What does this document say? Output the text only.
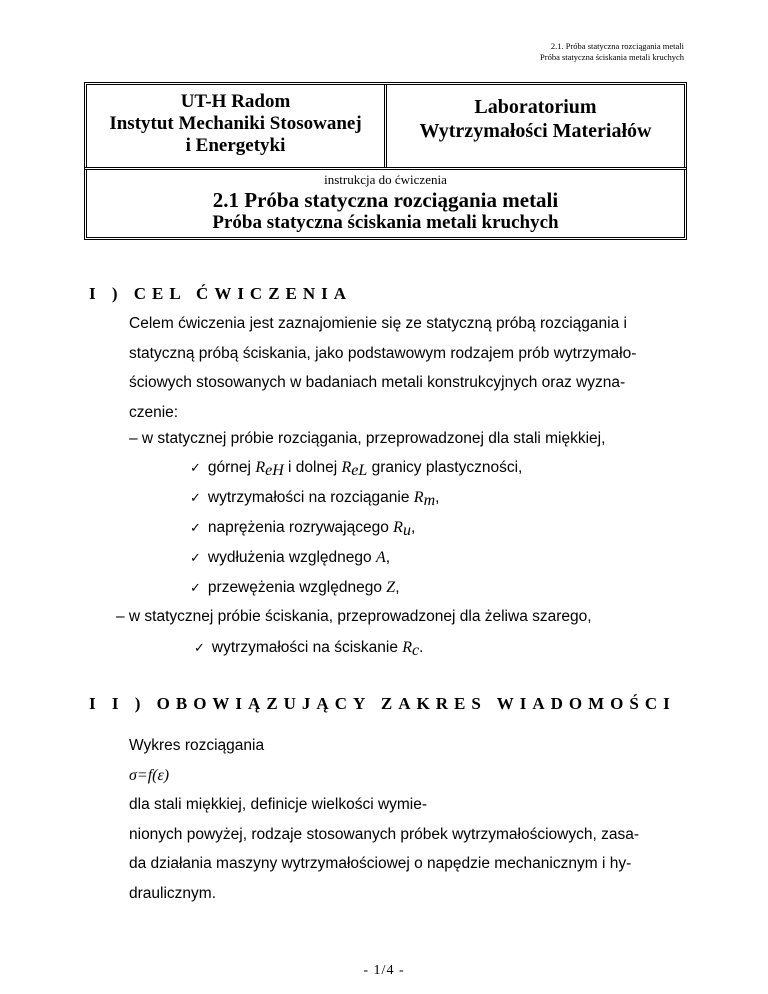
2.1. Próba statyczna rozciągania metali
Próba statyczna ściskania metali kruchych
UT-H Radom
Instytut Mechaniki Stosowanej
i Energetyki
Laboratorium
Wytrzymałości Materiałów
instrukcja do ćwiczenia
2.1 Próba statyczna rozciągania metali
Próba statyczna ściskania metali kruchych
I ) CEL ĆWICZENIA
Celem ćwiczenia jest zaznajomienie się ze statyczną próbą rozciągania i
statyczną próbą ściskania, jako podstawowym rodzajem prób wytrzymało-
ściowych stosowanych w badaniach metali konstrukcyjnych oraz wyzna-
czenie:
– w statycznej próbie rozciągania, przeprowadzonej dla stali miękkiej,
✓ górnej $R_{eH}$ i dolnej $R_{eL}$ granicy plastyczności,
✓ wytrzymałości na rozciąganie $R_m$,
✓ naprężenia rozrywającego $R_u$,
✓ wydłużenia względnego A,
✓ przewężenia względnego Z,
– w statycznej próbie ściskania, przeprowadzonej dla żeliwa szarego,
✓ wytrzymałości na ściskanie $R_c$.
I I ) OBOWIĄZUJĄCY ZAKRES WIADOMOŚCI
Wykres rozciągania
σ=f(ε)
dla stali miękkiej, definicje wielkości wymie-
nionych powyżej, rodzaje stosowanych próbek wytrzymałościowych, zasa-
da działania maszyny wytrzymałościowej o napędzie mechanicznym i hy-
draulicznym.
- 1/4 -
